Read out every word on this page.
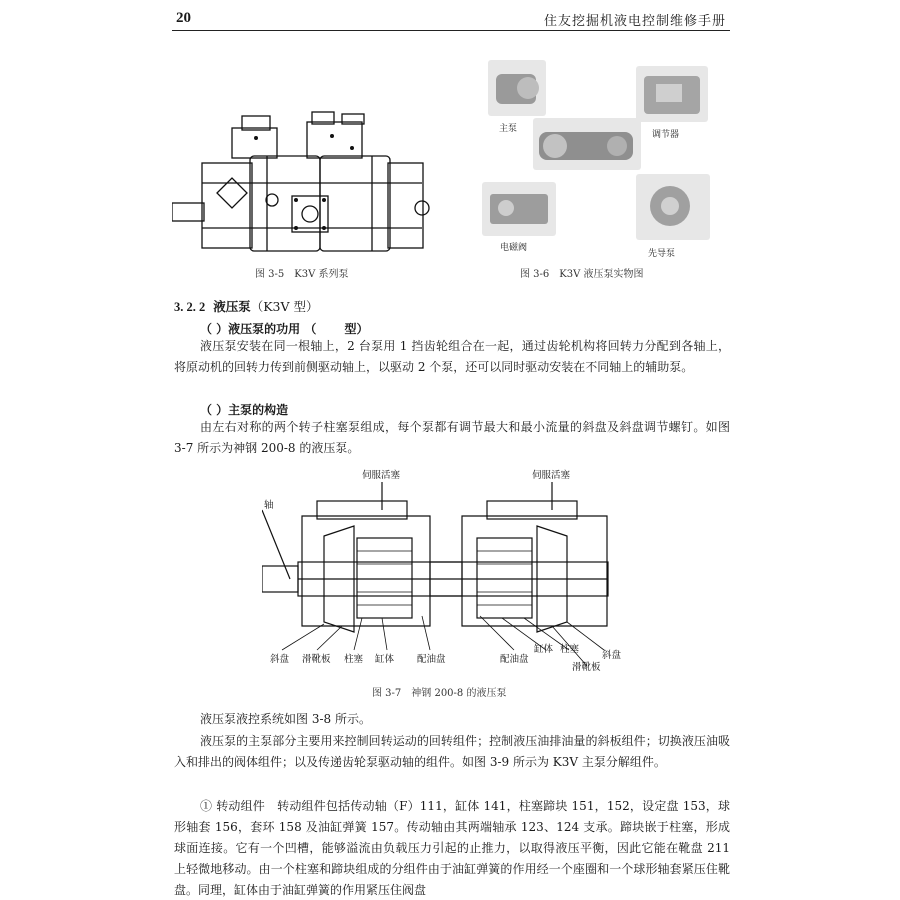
20	住友挖掘机液电控制维修手册
图 3-5　K3V 系列泵
主泵
调节器
电磁阀
先导泵
图 3-6　K3V 液压泵实物图
3. 2. 2 液压泵（K3V 型）
（ ）液压泵的功用 （　　 型）

液压泵安装在同一根轴上，2 台泵用 1 挡齿轮组合在一起，通过齿轮机构将回转力分配到各轴上，将原动机的回转力传到前侧驱动轴上，以驱动 2 个泵，还可以同时驱动安装在不同轴上的辅助泵。

（ ）主泵的构造

由左右对称的两个转子柱塞泵组成，每个泵都有调节最大和最小流量的斜盘及斜盘调节螺钉。如图 3-7 所示为神钢 200-8 的液压泵。

轴
伺服活塞	伺服活塞
斜盘 滑靴板 柱塞 缸体 配油盘	配油盘
缸体 柱塞
斜盘
滑靴板
图 3-7　神钢 200-8 的液压泵

液压泵液控系统如图 3-8 所示。

液压泵的主泵部分主要用来控制回转运动的回转组件；控制液压油排油量的斜板组件；切换液压油吸入和排出的阀体组件；以及传递齿轮泵驱动轴的组件。如图 3-9 所示为 K3V 主泵分解组件。

① 转动组件　转动组件包括传动轴（F）111，缸体 141，柱塞蹄块 151，152，设定盘 153，球形轴套 156，套环 158 及油缸弹簧 157。传动轴由其两端轴承 123、124 支承。蹄块嵌于柱塞，形成球面连接。它有一个凹槽，能够溢流由负载压力引起的止推力，以取得液压平衡，因此它能在靴盘 211 上轻微地移动。由一个柱塞和蹄块组成的分组件由于油缸弹簧的作用经一个座圈和一个球形轴套紧压住靴盘。同理，缸体由于油缸弹簧的作用紧压住阀盘
